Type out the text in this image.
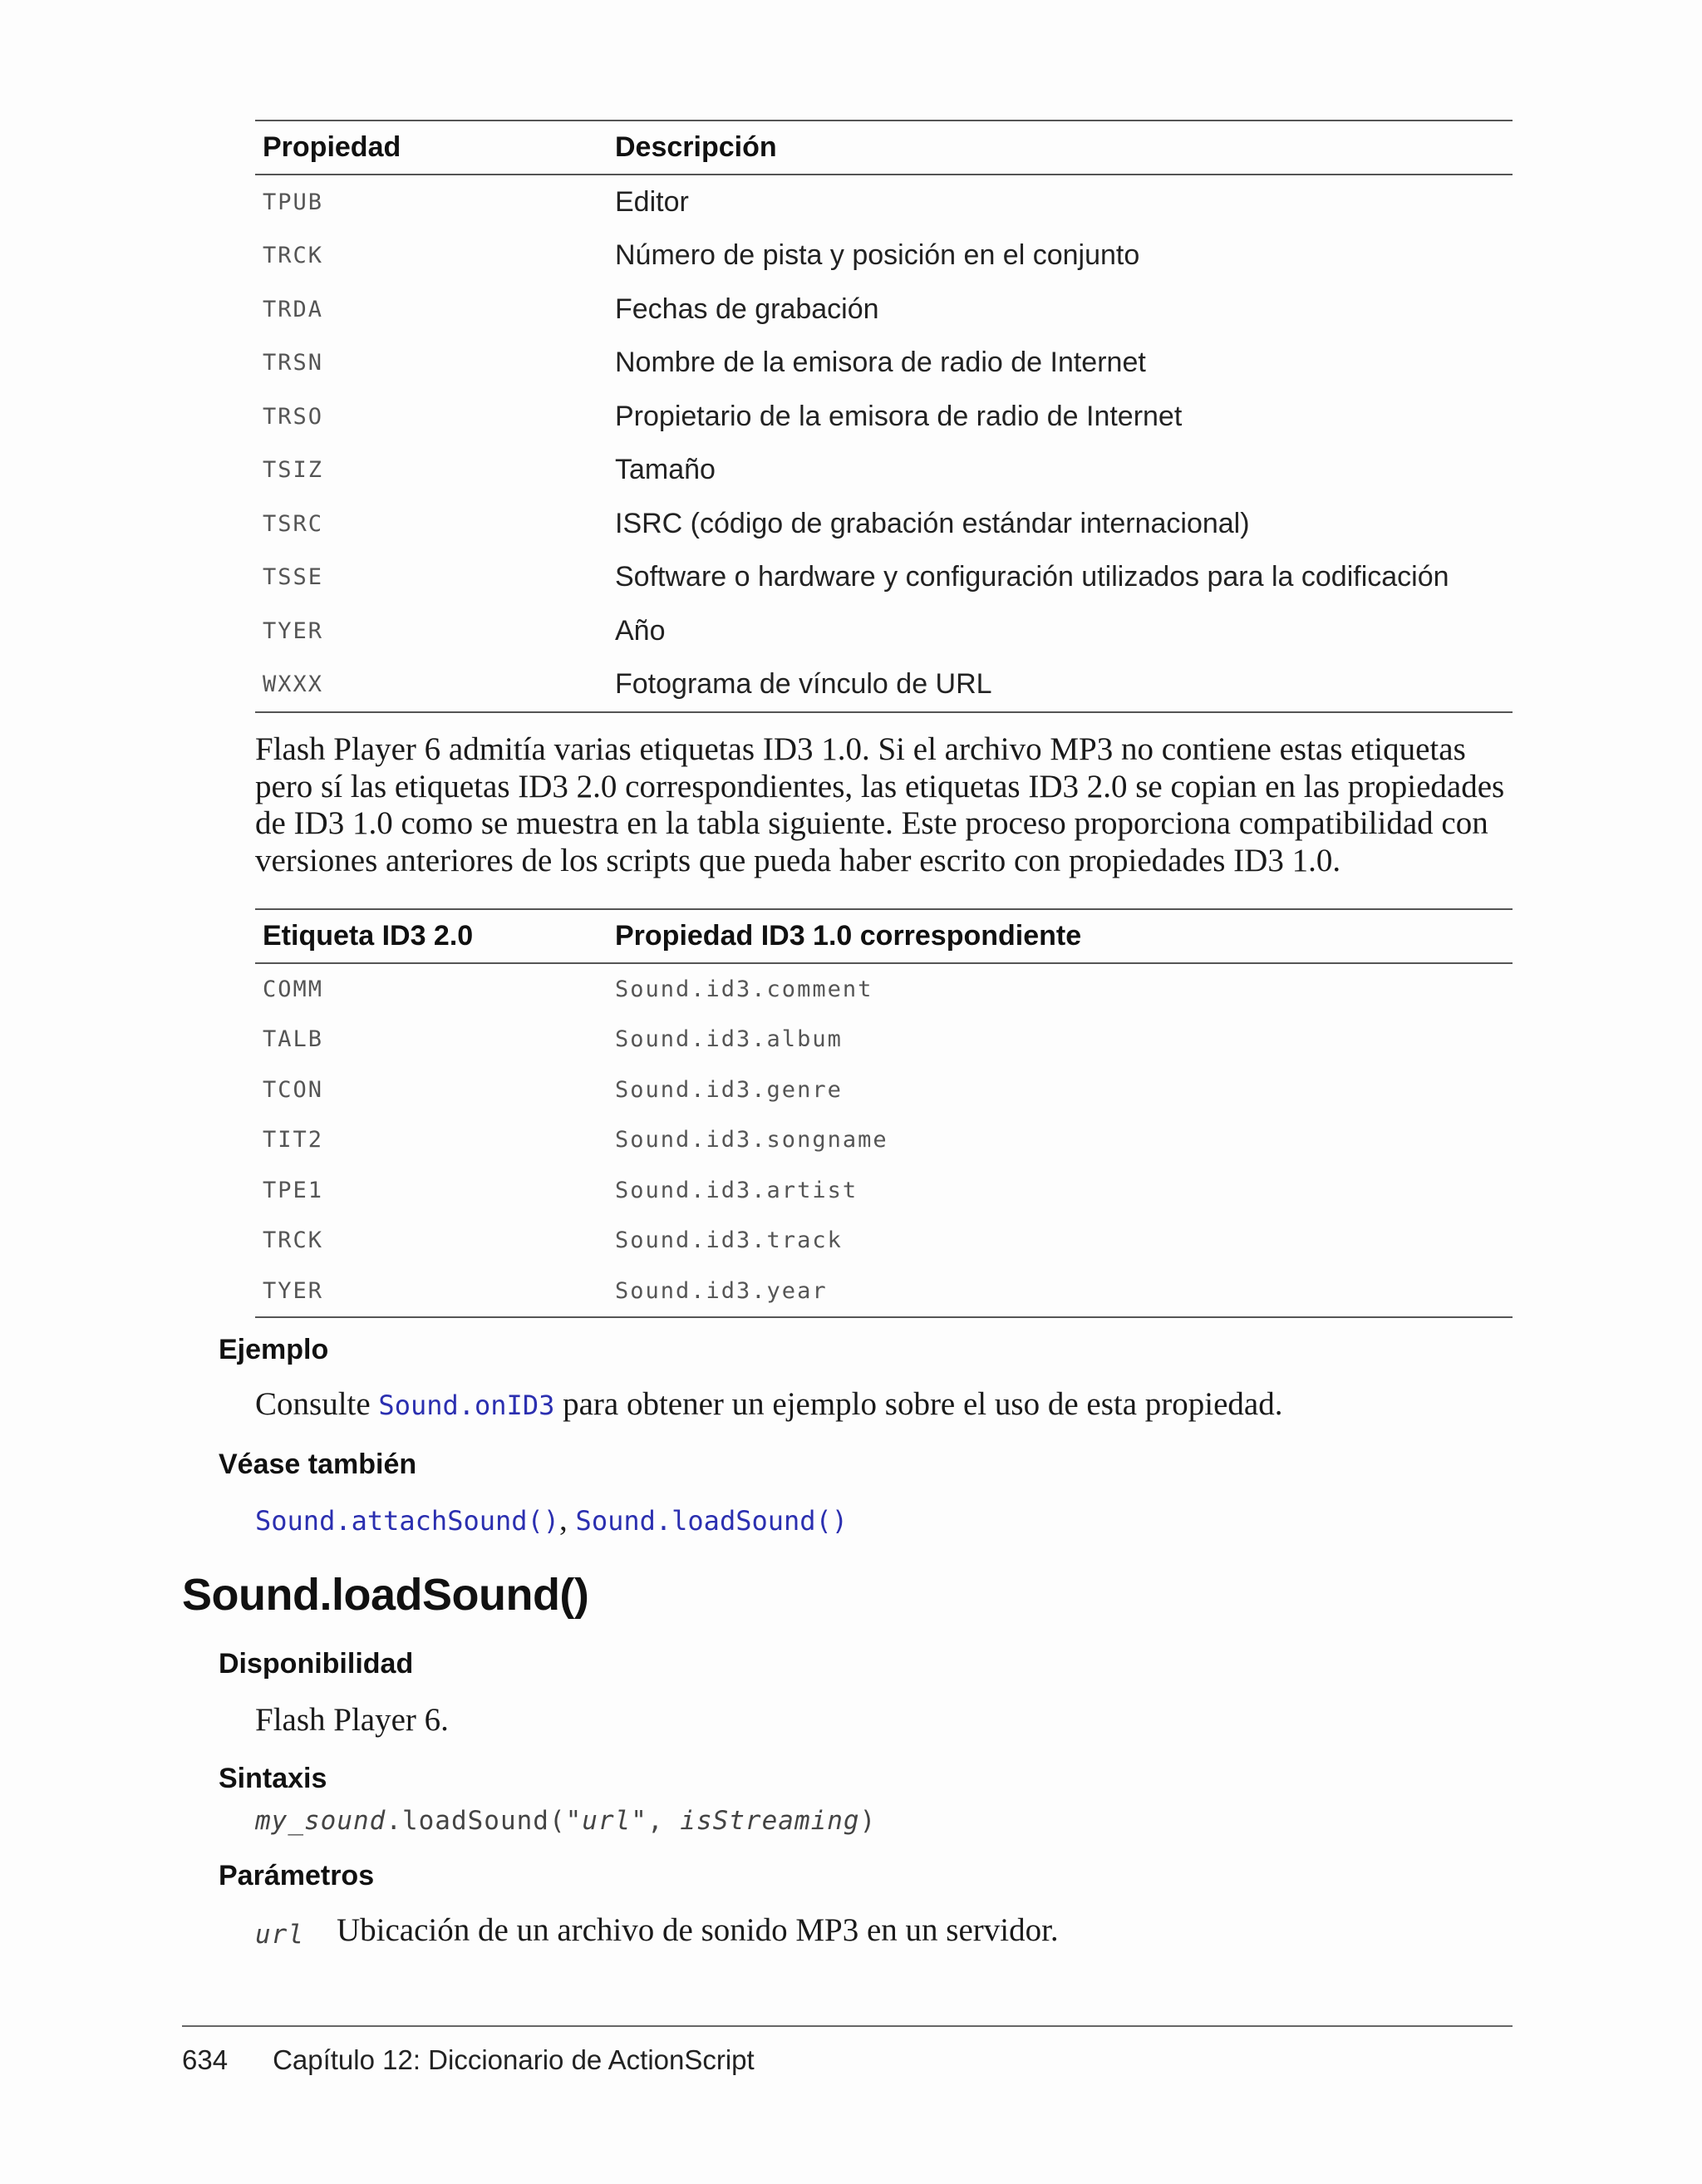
Propiedad	Descripción
TPUB	Editor
TRCK	Número de pista y posición en el conjunto
TRDA	Fechas de grabación
TRSN	Nombre de la emisora de radio de Internet
TRSO	Propietario de la emisora de radio de Internet
TSIZ	Tamaño
TSRC	ISRC (código de grabación estándar internacional)
TSSE	Software o hardware y configuración utilizados para la codificación
TYER	Año
WXXX	Fotograma de vínculo de URL
Flash Player 6 admitía varias etiquetas ID3 1.0. Si el archivo MP3 no contiene estas etiquetas pero sí las etiquetas ID3 2.0 correspondientes, las etiquetas ID3 2.0 se copian en las propiedades de ID3 1.0 como se muestra en la tabla siguiente. Este proceso proporciona compatibilidad con versiones anteriores de los scripts que pueda haber escrito con propiedades ID3 1.0.
Etiqueta ID3 2.0	Propiedad ID3 1.0 correspondiente
COMM	Sound.id3.comment
TALB	Sound.id3.album
TCON	Sound.id3.genre
TIT2	Sound.id3.songname
TPE1	Sound.id3.artist
TRCK	Sound.id3.track
TYER	Sound.id3.year
Ejemplo
Consulte Sound.onID3 para obtener un ejemplo sobre el uso de esta propiedad.
Véase también
Sound.attachSound(), Sound.loadSound()
Sound.loadSound()
Disponibilidad
Flash Player 6.
Sintaxis
my_sound.loadSound("url", isStreaming)
Parámetros
url Ubicación de un archivo de sonido MP3 en un servidor.
634 Capítulo 12: Diccionario de ActionScript
